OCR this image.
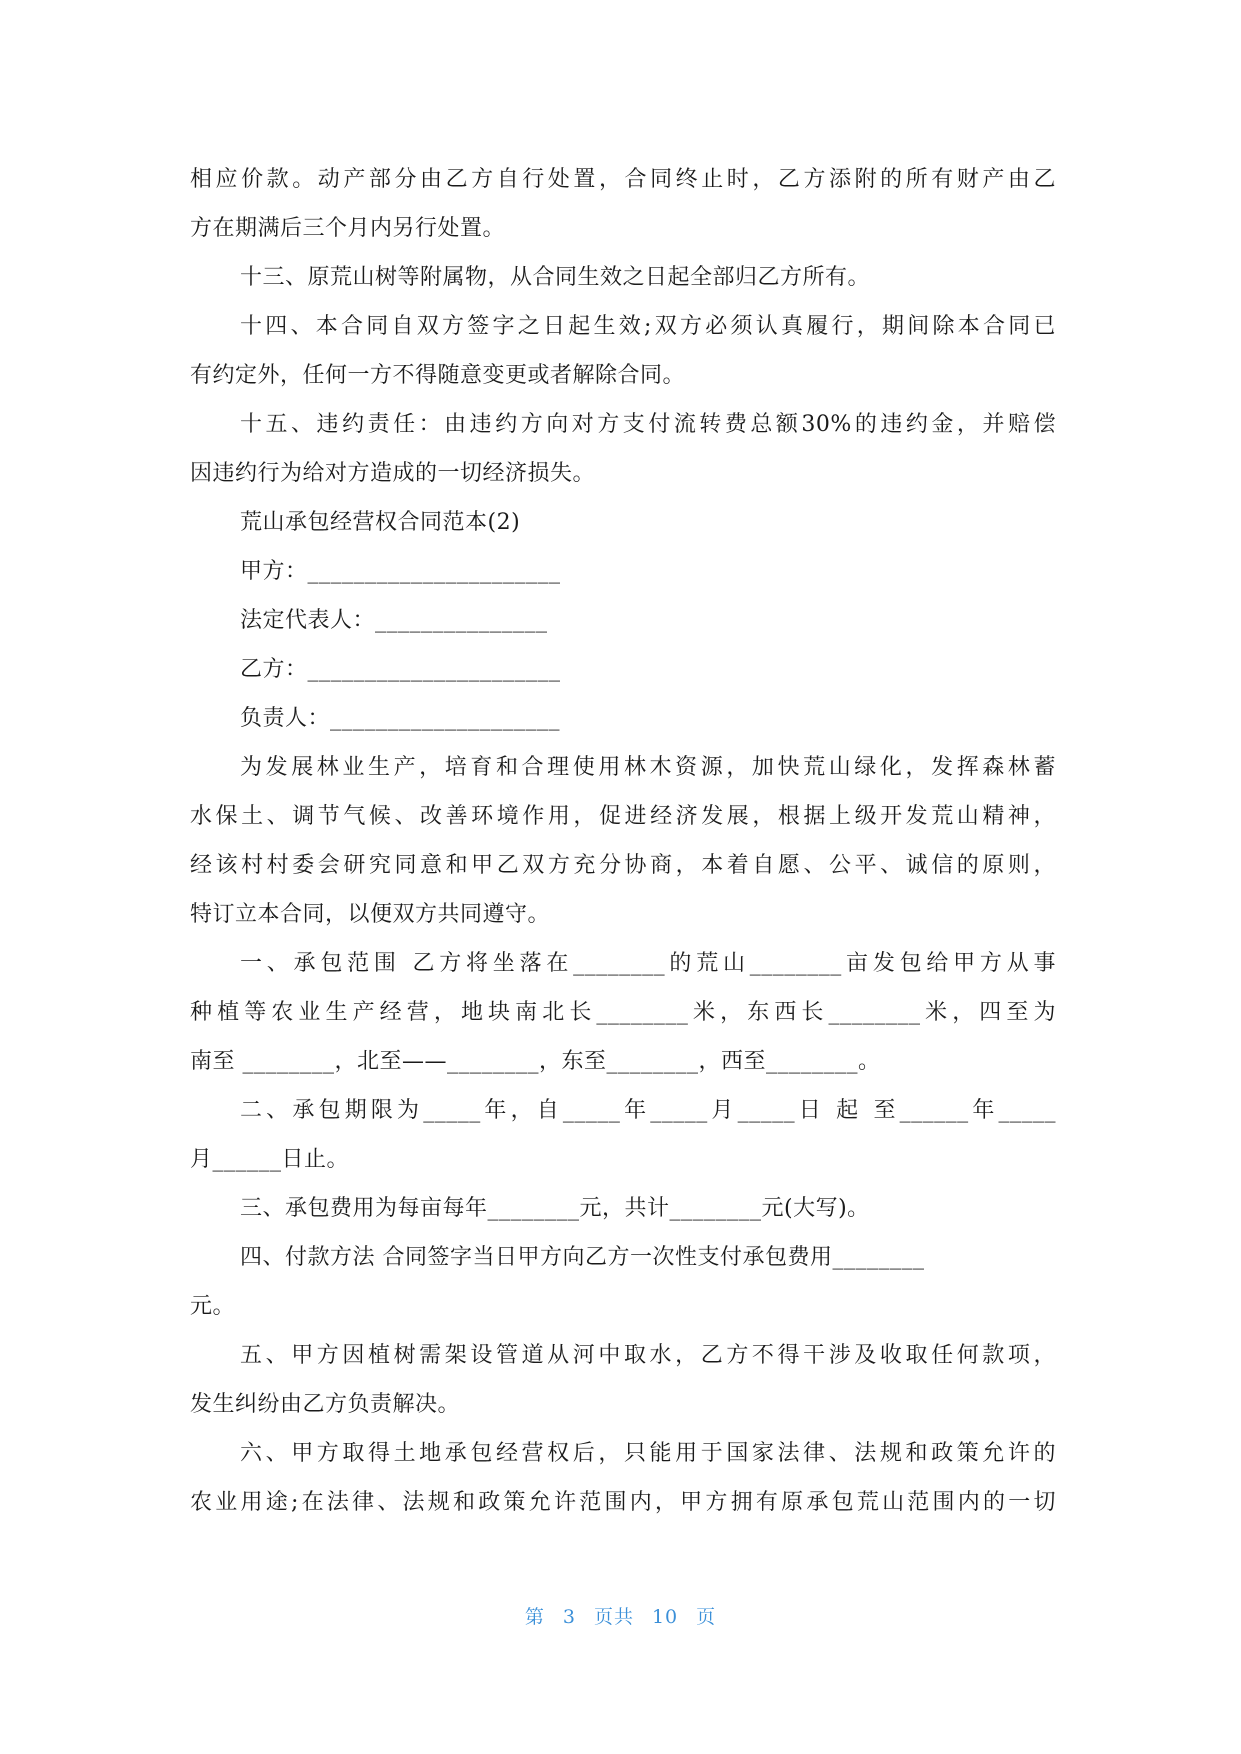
相应价款。动产部分由乙方自行处置，合同终止时，乙方添附的所有财产由乙
方在期满后三个月内另行处置。
十三、原荒山树等附属物，从合同生效之日起全部归乙方所有。
十四、本合同自双方签字之日起生效;双方必须认真履行，期间除本合同已
有约定外，任何一方不得随意变更或者解除合同。
十五、违约责任：由违约方向对方支付流转费总额30%的违约金，并赔偿
因违约行为给对方造成的一切经济损失。
荒山承包经营权合同范本(2)
甲方：______________________
法定代表人：_______________
乙方：______________________
负责人：____________________
为发展林业生产，培育和合理使用林木资源，加快荒山绿化，发挥森林蓄
水保土、调节气候、改善环境作用，促进经济发展，根据上级开发荒山精神，
经该村村委会研究同意和甲乙双方充分协商，本着自愿、公平、诚信的原则，
特订立本合同，以便双方共同遵守。
一、承包范围 乙方将坐落在________的荒山________亩发包给甲方从事
种植等农业生产经营，地块南北长________米，东西长________米，四至为
南至 ________，北至——________，东至________，西至________。
二、承包期限为_____年，自_____年_____月_____日 起 至______年_____
月______日止。
三、承包费用为每亩每年________元，共计________元(大写)。
四、付款方法 合同签字当日甲方向乙方一次性支付承包费用________
元。
五、甲方因植树需架设管道从河中取水，乙方不得干涉及收取任何款项，
发生纠纷由乙方负责解决。
六、甲方取得土地承包经营权后，只能用于国家法律、法规和政策允许的
农业用途;在法律、法规和政策允许范围内，甲方拥有原承包荒山范围内的一切
第 3 页共 10 页
